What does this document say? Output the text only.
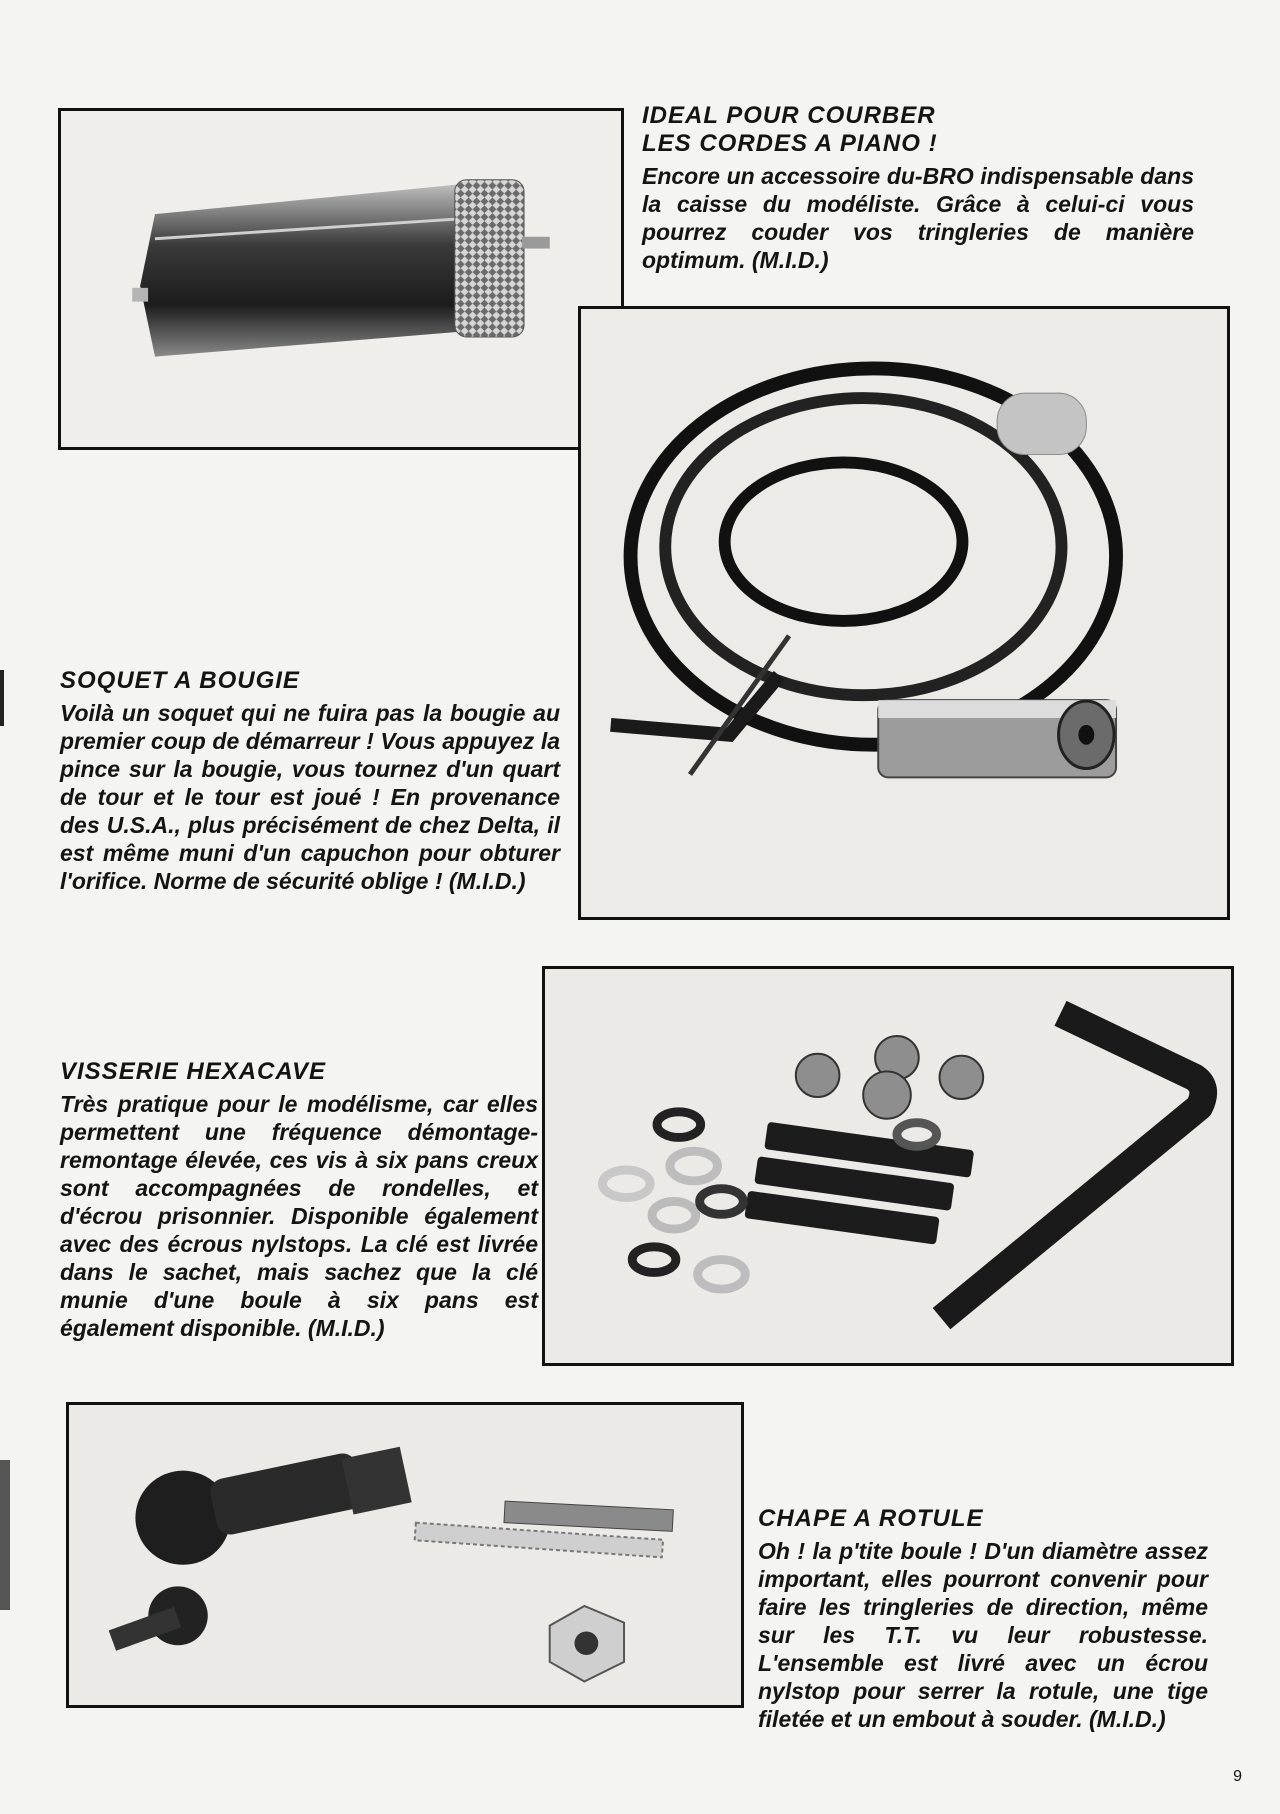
IDEAL POUR COURBER
LES CORDES A PIANO !

Encore un accessoire du-BRO indispensable dans la caisse du modéliste. Grâce à celui-ci vous pourrez couder vos tringleries de manière optimum. (M.I.D.)

SOQUET A BOUGIE

Voilà un soquet qui ne fuira pas la bougie au premier coup de démarreur ! Vous appuyez la pince sur la bougie, vous tournez d'un quart de tour et le tour est joué ! En provenance des U.S.A., plus précisément de chez Delta, il est même muni d'un capuchon pour obturer l'orifice. Norme de sécurité oblige ! (M.I.D.)

VISSERIE HEXACAVE

Très pratique pour le modélisme, car elles permettent une fréquence démontage-remontage élevée, ces vis à six pans creux sont accompagnées de rondelles, et d'écrou prisonnier. Disponible également avec des écrous nylstops. La clé est livrée dans le sachet, mais sachez que la clé munie d'une boule à six pans est également disponible. (M.I.D.)

CHAPE A ROTULE

Oh ! la p'tite boule ! D'un diamètre assez important, elles pourront convenir pour faire les tringleries de direction, même sur les T.T. vu leur robustesse. L'ensemble est livré avec un écrou nylstop pour serrer la rotule, une tige filetée et un embout à souder. (M.I.D.)

9
